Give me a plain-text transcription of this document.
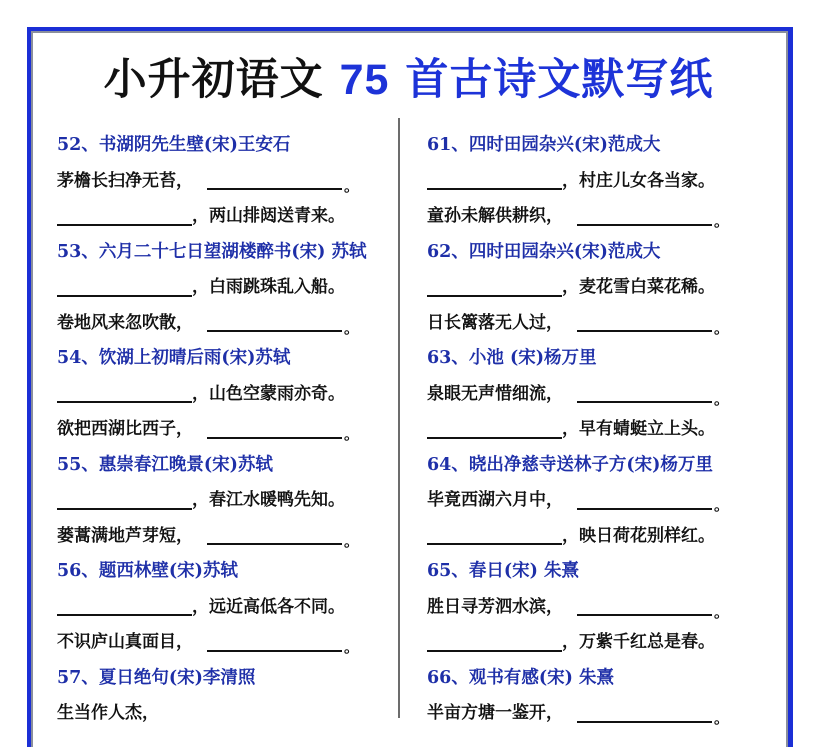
小升初语文 75 首古诗文默写纸
52、书湖阴先生壁(宋)王安石
茅檐长扫净无苔，	。
，两山排闼送青来。
53、六月二十七日望湖楼醉书(宋) 苏轼
，白雨跳珠乱入船。
卷地风来忽吹散，	。
54、饮湖上初晴后雨(宋)苏轼
，山色空蒙雨亦奇。
欲把西湖比西子，	。
55、惠崇春江晚景(宋)苏轼
，春江水暖鸭先知。
蒌蒿满地芦芽短，	。
56、题西林壁(宋)苏轼
，远近高低各不同。
不识庐山真面目，	。
57、夏日绝句(宋)李清照
生当作人杰，
61、四时田园杂兴(宋)范成大
，村庄儿女各当家。
童孙未解供耕织，	。
62、四时田园杂兴(宋)范成大
，麦花雪白菜花稀。
日长篱落无人过，	。
63、小池 (宋)杨万里
泉眼无声惜细流，	。
，早有蜻蜓立上头。
64、晓出净慈寺送林子方(宋)杨万里
毕竟西湖六月中，	。
，映日荷花别样红。
65、春日(宋) 朱熹
胜日寻芳泗水滨，	。
，万紫千红总是春。
66、观书有感(宋) 朱熹
半亩方塘一鉴开，	。
